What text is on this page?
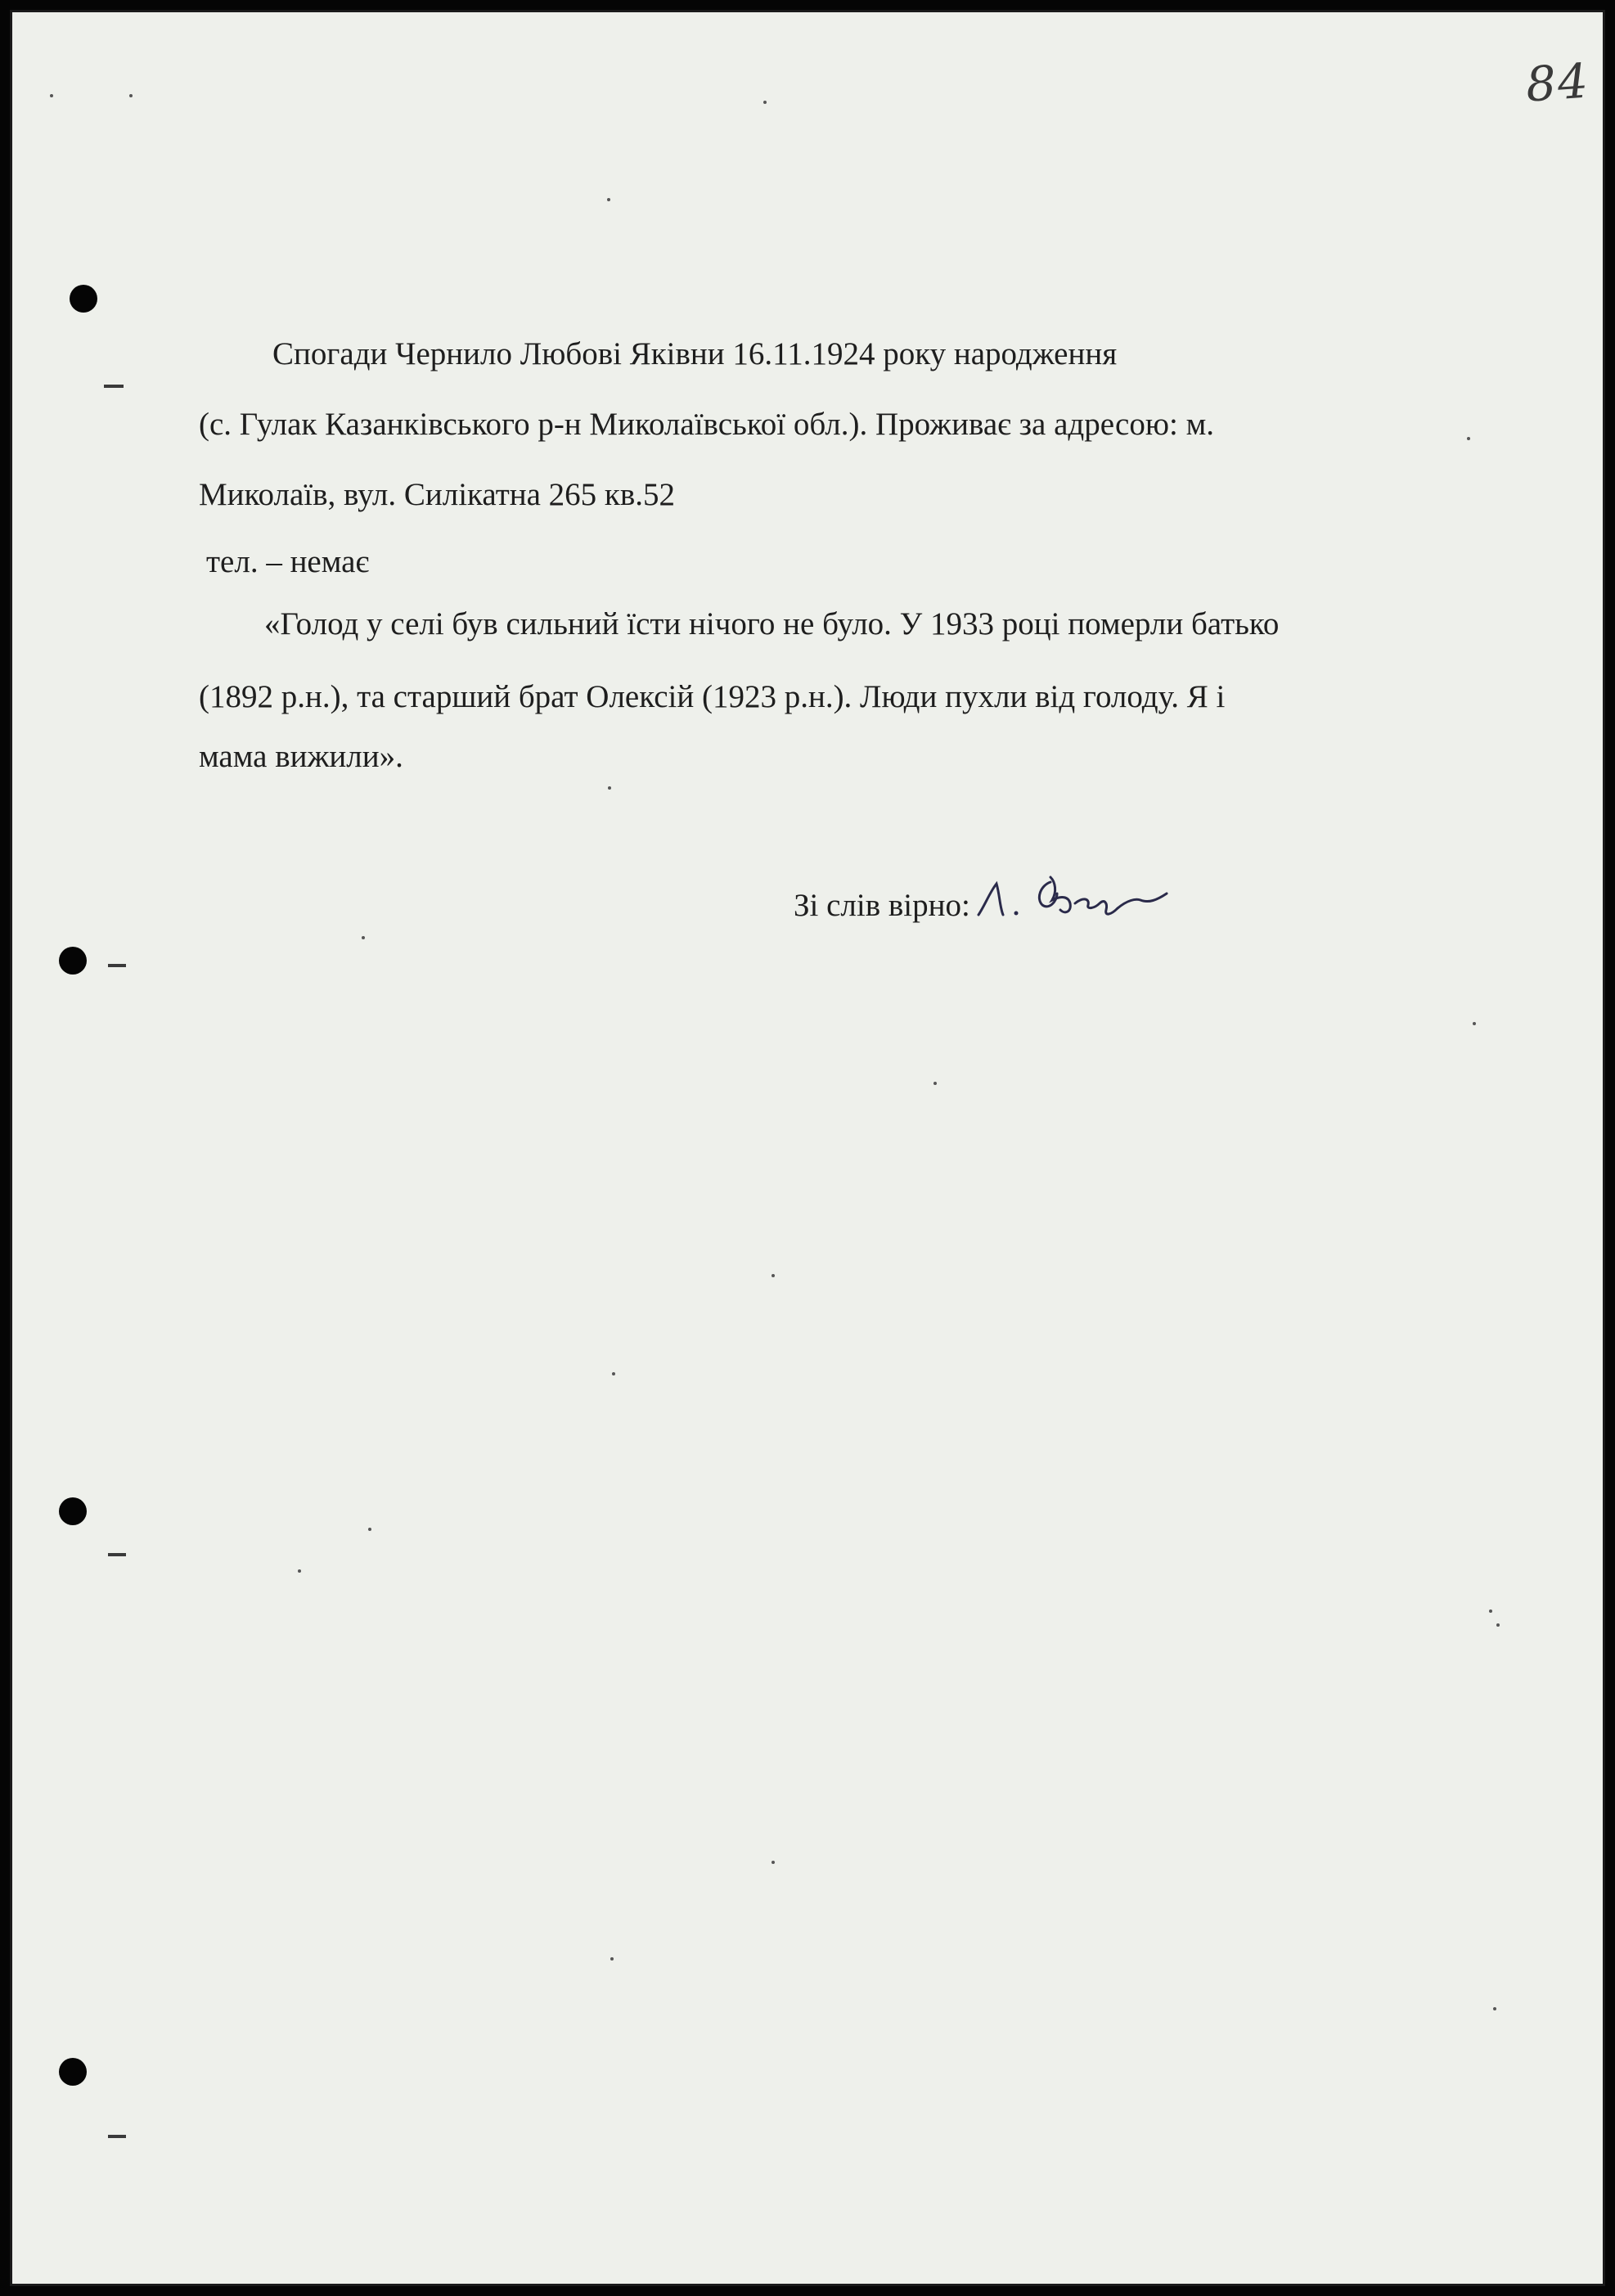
84
Спогади Чернило Любові Яківни 16.11.1924 року народження
(с. Гулак Казанківського р-н Миколаївської обл.). Проживає за адресою: м.
Миколаїв, вул. Силікатна 265 кв.52
тел. – немає
«Голод у селі був сильний їсти нічого не було. У 1933 році померли батько
(1892 р.н.), та старший брат Олексій (1923 р.н.). Люди пухли від голоду. Я і
мама вижили».
Зі слів вірно:
